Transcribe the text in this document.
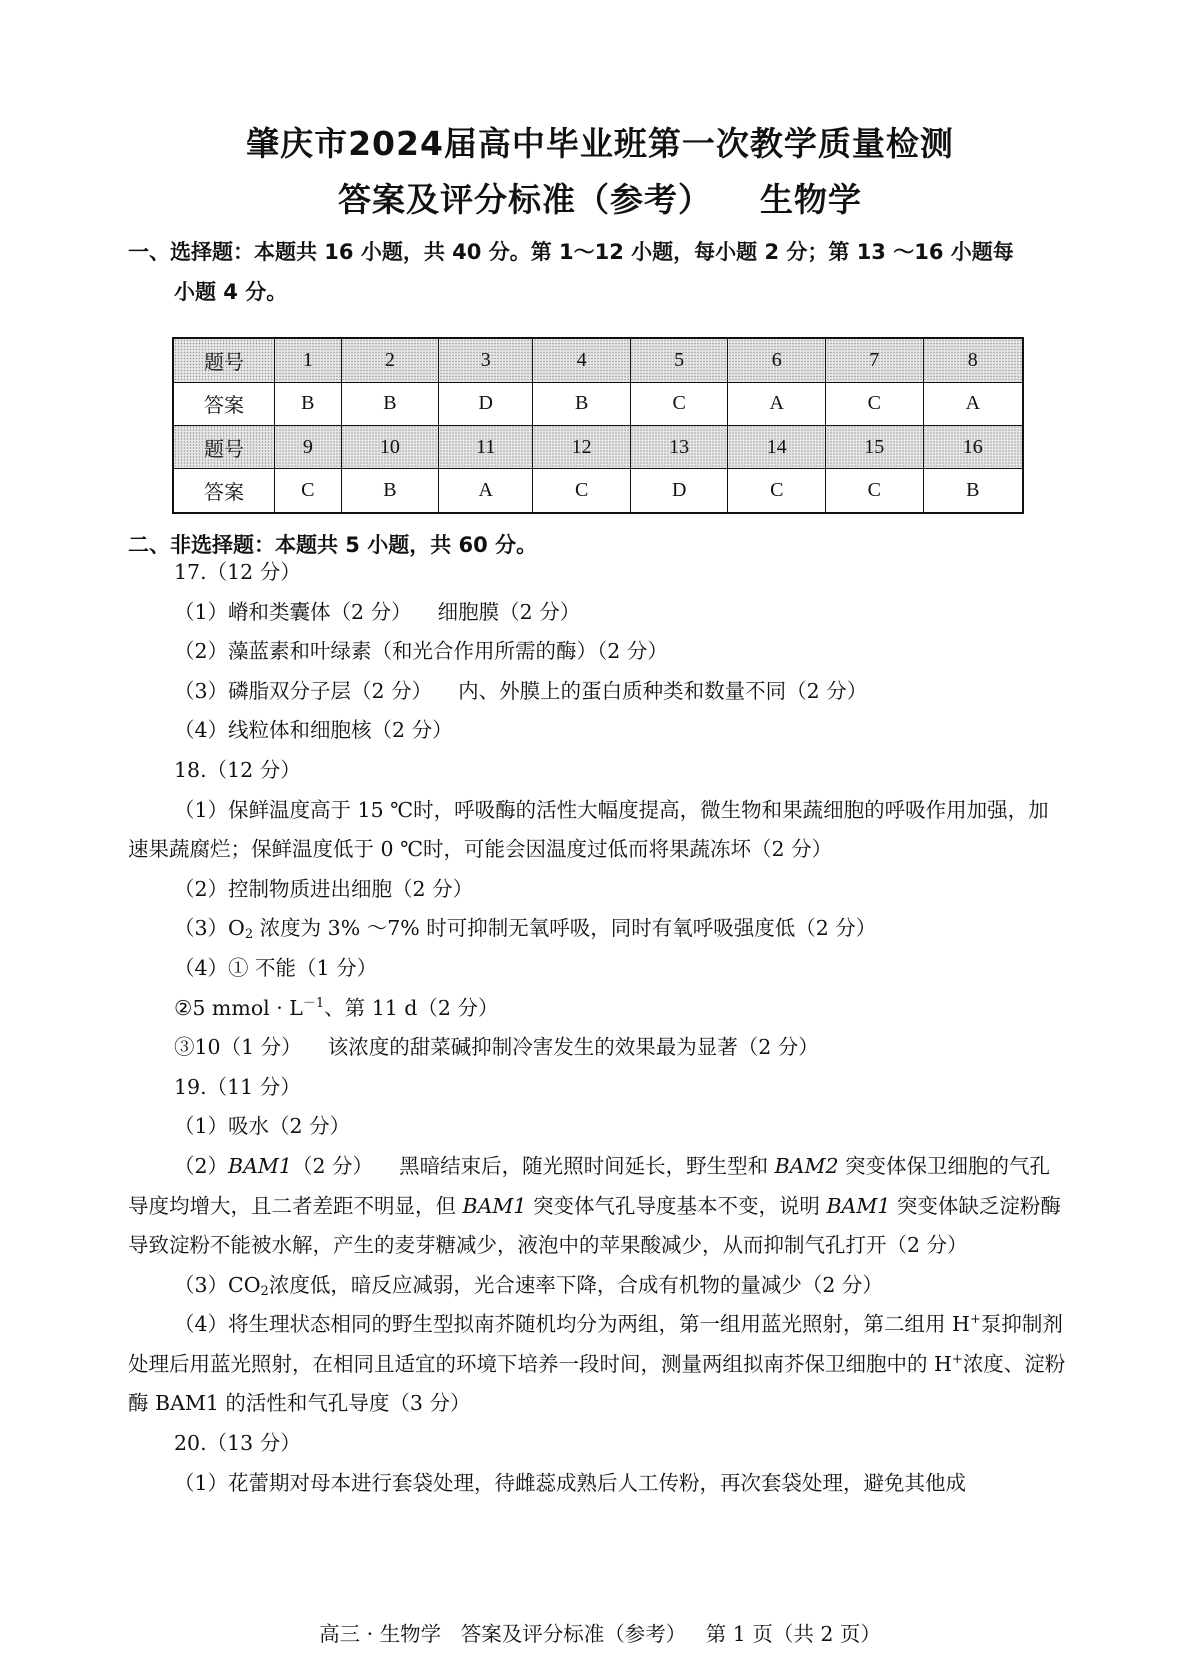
肇庆市2024届高中毕业班第一次教学质量检测
答案及评分标准（参考） 生物学
一、选择题：本题共 16 小题，共 40 分。第 1～12 小题，每小题 2 分；第 13 ～16 小题每
小题 4 分。
题号	1	2	3	4	5	6	7	8
答案	B	B	D	B	C	A	C	A
题号	9	10	11	12	13	14	15	16
答案	C	B	A	C	D	C	C	B
二、非选择题：本题共 5 小题，共 60 分。

17.（12 分）

（1）嵴和类囊体（2 分）    细胞膜（2 分）

（2）藻蓝素和叶绿素（和光合作用所需的酶）（2 分）

（3）磷脂双分子层（2 分）    内、外膜上的蛋白质种类和数量不同（2 分）

（4）线粒体和细胞核（2 分）

18.（12 分）

（1）保鲜温度高于 15 ℃时，呼吸酶的活性大幅度提高，微生物和果蔬细胞的呼吸作用加强，加速果蔬腐烂；保鲜温度低于 0 ℃时，可能会因温度过低而将果蔬冻坏（2 分）

（2）控制物质进出细胞（2 分）

$(3)O_2$ 浓度为 3% ～7% 时可抑制无氧呼吸，同时有氧呼吸强度低（2 分）

（4）① 不能（1 分）

②5 mmol · $L^{-1}$、第 11 d（2 分）

③10（1 分）    该浓度的甜菜碱抑制冷害发生的效果最为显著（2 分）

19.（11 分）

（1）吸水（2 分）

（2）BAM1（2 分）    黑暗结束后，随光照时间延长，野生型和 BAM2 突变体保卫细胞的气孔导度均增大，且二者差距不明显，但 BAM1 突变体气孔导度基本不变，说明 BAM1 突变体缺乏淀粉酶导致淀粉不能被水解，产生的麦芽糖减少，液泡中的苹果酸减少，从而抑制气孔打开（2 分）

$(3)CO_2$浓度低，暗反应减弱，光合速率下降，合成有机物的量减少（2 分）

（4）将生理状态相同的野生型拟南芥随机均分为两组，第一组用蓝光照射，第二组用 H+泵抑制剂处理后用蓝光照射，在相同且适宜的环境下培养一段时间，测量两组拟南芥保卫细胞中的 H+浓度、淀粉酶 BAM1 的活性和气孔导度（3 分）

20.（13 分）

（1）花蕾期对母本进行套袋处理，待雌蕊成熟后人工传粉，再次套袋处理，避免其他成

高三 · 生物学   答案及评分标准（参考）   第 1 页（共 2 页）
